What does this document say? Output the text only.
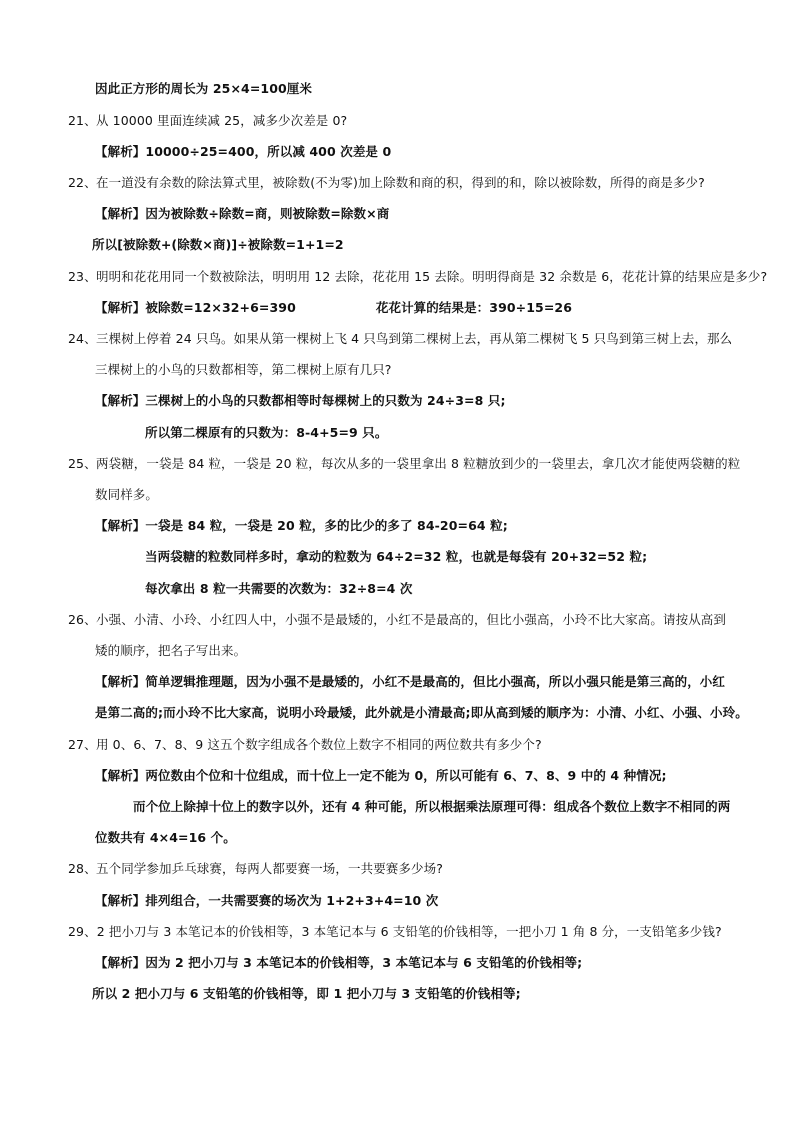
因此正方形的周长为 25×4=100厘米
21、从 10000 里面连续减 25，减多少次差是 0?
【解析】10000÷25=400，所以减 400 次差是 0
22、在一道没有余数的除法算式里，被除数(不为零)加上除数和商的积，得到的和，除以被除数，所得的商是多少?
【解析】因为被除数÷除数=商，则被除数=除数×商
所以[被除数+(除数×商)]÷被除数=1+1=2
23、明明和花花用同一个数被除法，明明用 12 去除，花花用 15 去除。明明得商是 32 余数是 6，花花计算的结果应是多少?
【解析】被除数=12×32+6=390	花花计算的结果是：390÷15=26
24、三棵树上停着 24 只鸟。如果从第一棵树上飞 4 只鸟到第二棵树上去，再从第二棵树飞 5 只鸟到第三树上去，那么
三棵树上的小鸟的只数都相等，第二棵树上原有几只?
【解析】三棵树上的小鸟的只数都相等时每棵树上的只数为 24÷3=8 只;
所以第二棵原有的只数为：8-4+5=9 只。
25、两袋糖，一袋是 84 粒，一袋是 20 粒，每次从多的一袋里拿出 8 粒糖放到少的一袋里去，拿几次才能使两袋糖的粒
数同样多。
【解析】一袋是 84 粒，一袋是 20 粒，多的比少的多了 84-20=64 粒;
当两袋糖的粒数同样多时，拿动的粒数为 64÷2=32 粒，也就是每袋有 20+32=52 粒;
每次拿出 8 粒一共需要的次数为：32÷8=4 次
26、小强、小清、小玲、小红四人中，小强不是最矮的，小红不是最高的，但比小强高，小玲不比大家高。请按从高到
矮的顺序，把名子写出来。
【解析】简单逻辑推理题，因为小强不是最矮的，小红不是最高的，但比小强高，所以小强只能是第三高的，小红
是第二高的;而小玲不比大家高，说明小玲最矮，此外就是小清最高;即从高到矮的顺序为：小清、小红、小强、小玲。
27、用 0、6、7、8、9 这五个数字组成各个数位上数字不相同的两位数共有多少个?
【解析】两位数由个位和十位组成，而十位上一定不能为 0，所以可能有 6、7、8、9 中的 4 种情况;
而个位上除掉十位上的数字以外，还有 4 种可能，所以根据乘法原理可得：组成各个数位上数字不相同的两
位数共有 4×4=16 个。
28、五个同学参加乒乓球赛，每两人都要赛一场，一共要赛多少场?
【解析】排列组合，一共需要赛的场次为 1+2+3+4=10 次
29、2 把小刀与 3 本笔记本的价钱相等，3 本笔记本与 6 支铅笔的价钱相等，一把小刀 1 角 8 分，一支铅笔多少钱?
【解析】因为 2 把小刀与 3 本笔记本的价钱相等，3 本笔记本与 6 支铅笔的价钱相等;
所以 2 把小刀与 6 支铅笔的价钱相等，即 1 把小刀与 3 支铅笔的价钱相等;
